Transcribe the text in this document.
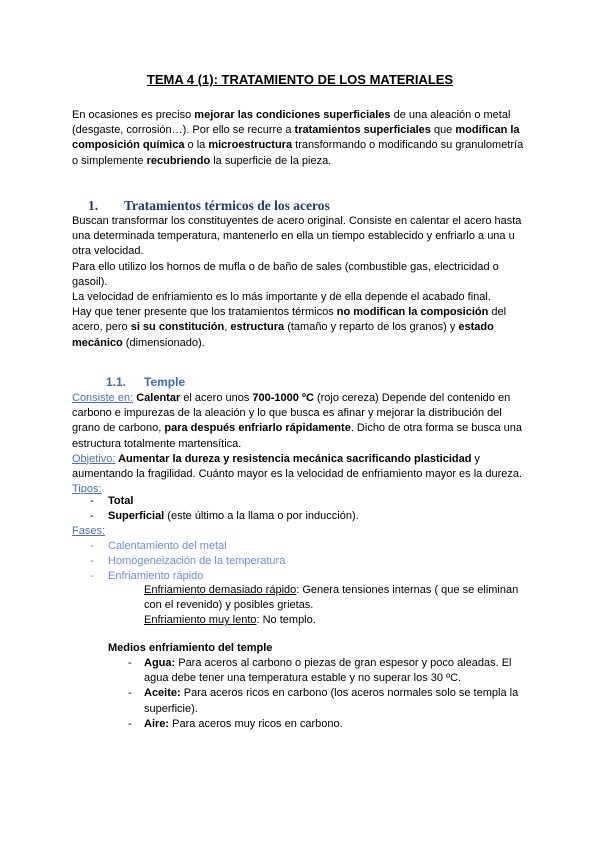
TEMA 4 (1): TRATAMIENTO DE LOS MATERIALES

En ocasiones es preciso mejorar las condiciones superficiales de una aleación o metal (desgaste, corrosión…). Por ello se recurre a tratamientos superficiales que modifican la composición química o la microestructura transformando o modificando su granulometría o simplemente recubriendo la superficie de la pieza.

1. Tratamientos térmicos de los aceros

Buscan transformar los constituyentes de acero original. Consiste en calentar el acero hasta una determinada temperatura, mantenerlo en ella un tiempo establecido y enfriarlo a una u otra velocidad.

Para ello utilizo los hornos de mufla o de baño de sales (combustible gas, electricidad o gasoil).

La velocidad de enfriamiento es lo más importante y de ella depende el acabado final.

Hay que tener presente que los tratamientos térmicos no modifican la composición del acero, pero si su constitución, estructura (tamaño y reparto de los granos) y estado mecánico (dimensionado).

1.1. Temple

Consiste en: Calentar el acero unos 700-1000 ºC (rojo cereza) Depende del contenido en carbono e impurezas de la aleación y lo que busca es afinar y mejorar la distribución del grano de carbono, para después enfriarlo rápidamente. Dicho de otra forma se busca una estructura totalmente martensítica.

Objetivo: Aumentar la dureza y resistencia mecánica sacrificando plasticidad y aumentando la fragilidad. Cuánto mayor es la velocidad de enfriamiento mayor es la dureza.

Tipos:

- Total
- Superficial (este último a la llama o por inducción).
Fases:
- Calentamiento del metal
- Homogeneización de la temperatura
- Enfriamiento rápido

Enfriamiento demasiado rápido: Genera tensiones internas ( que se eliminan con el revenido) y posibles grietas.

Enfriamiento muy lento: No templo.

Medios enfriamiento del temple
-	Agua: Para aceros al carbono o piezas de gran espesor y poco aleadas. El agua debe tener una temperatura estable y no superar los 30 ºC.
-	Aceite: Para aceros ricos en carbono (los aceros normales solo se templa la superficie).
-	Aire: Para aceros muy ricos en carbono.
